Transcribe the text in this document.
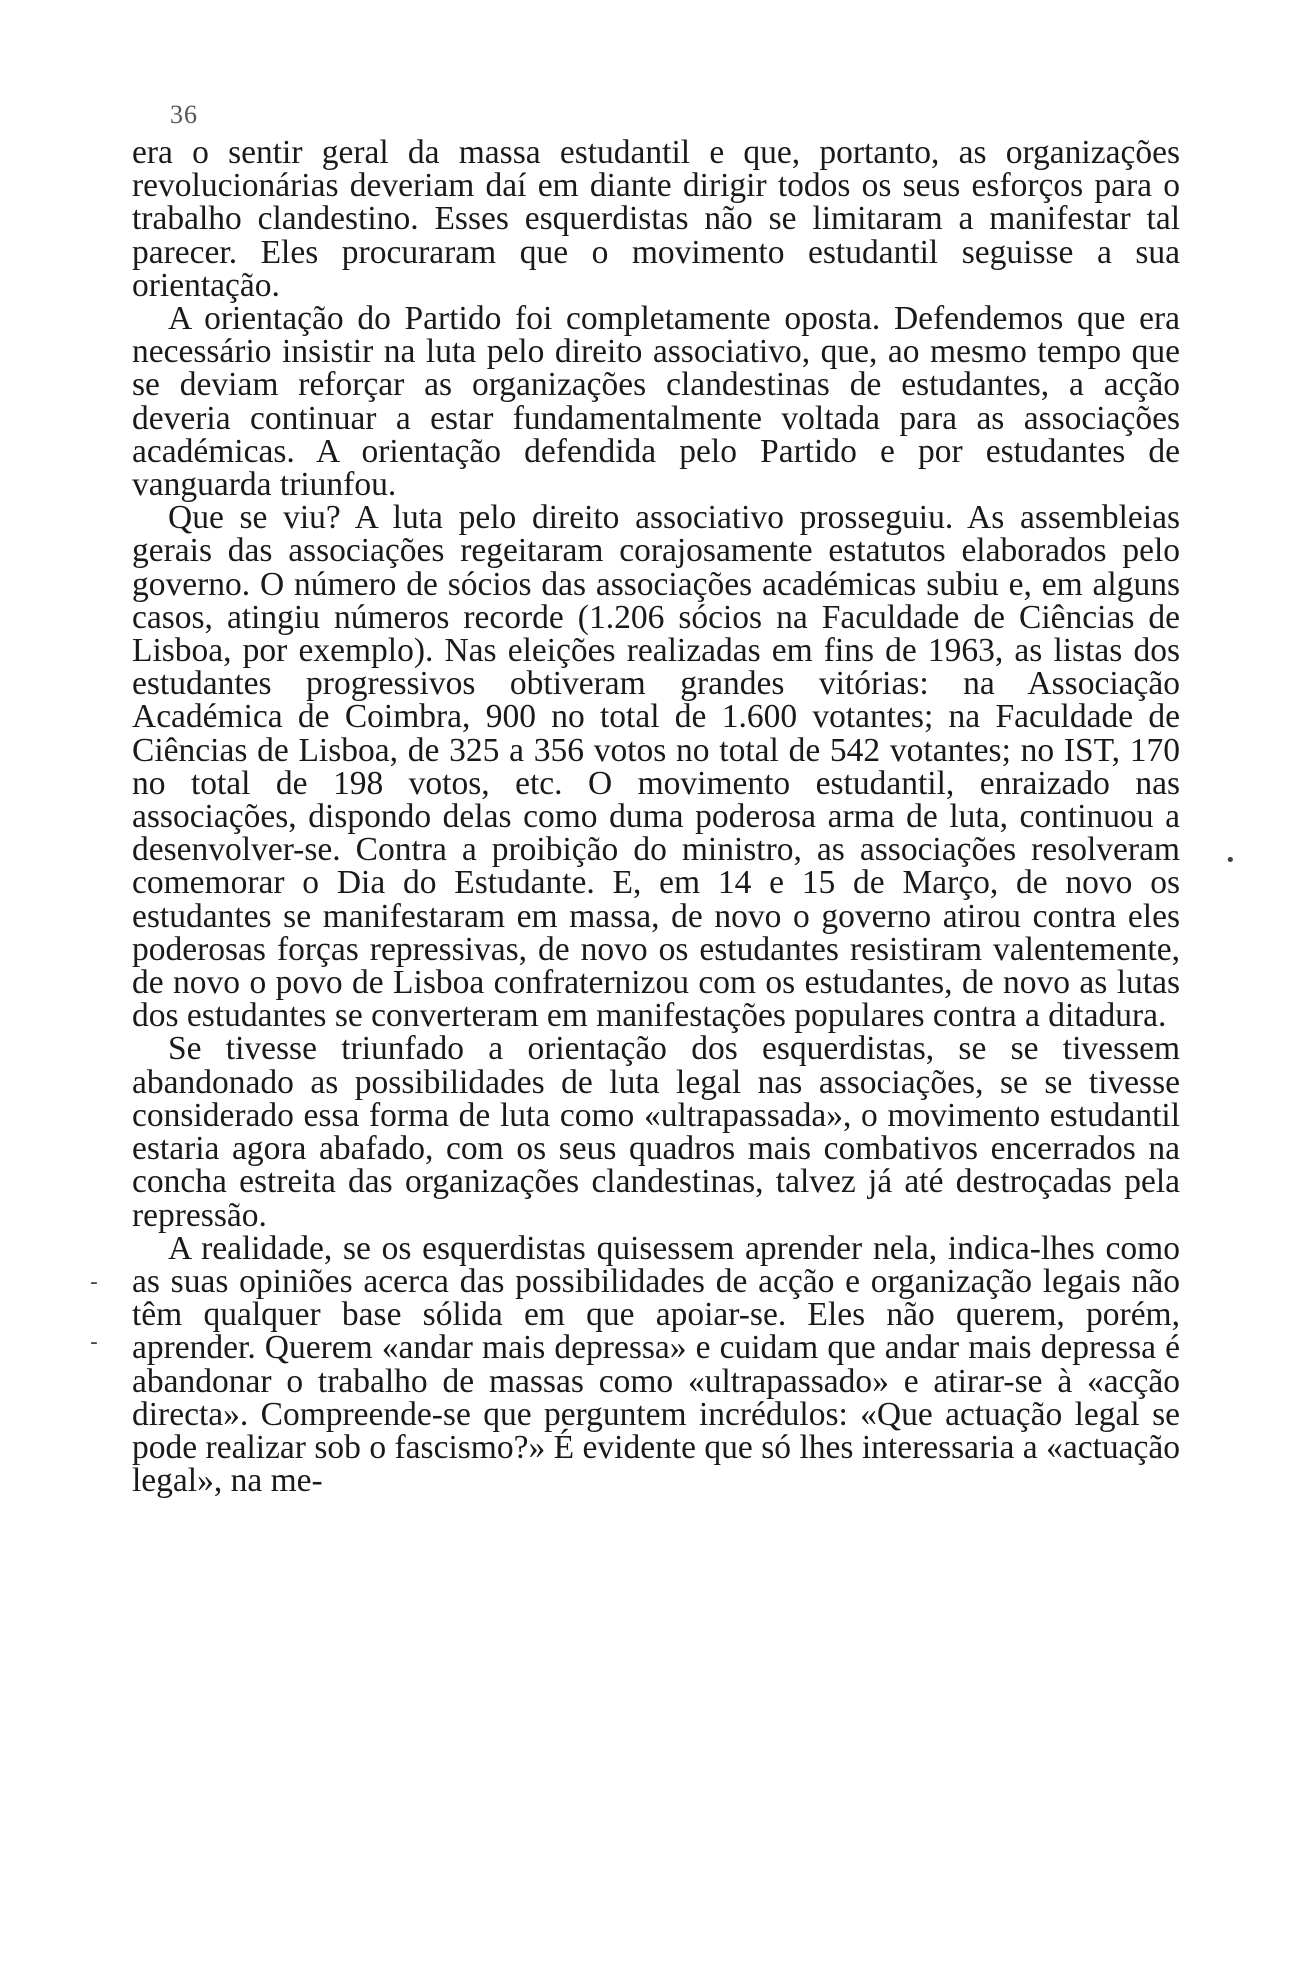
36

era o sentir geral da massa estudantil e que, portanto, as organizações revolucionárias deveriam daí em diante dirigir todos os seus esforços para o trabalho clandestino. Esses esquerdistas não se limitaram a manifestar tal parecer. Eles procuraram que o movimento estudantil seguisse a sua orientação.

A orientação do Partido foi completamente oposta. Defendemos que era necessário insistir na luta pelo direito associativo, que, ao mesmo tempo que se deviam reforçar as organizações clandestinas de estudantes, a acção deveria continuar a estar fundamentalmente voltada para as associações académicas. A orientação defendida pelo Partido e por estudantes de vanguarda triunfou.

Que se viu? A luta pelo direito associativo prosseguiu. As assembleias gerais das associações regeitaram corajosamente estatutos elaborados pelo governo. O número de sócios das associações académicas subiu e, em alguns casos, atingiu números recorde (1.206 sócios na Faculdade de Ciências de Lisboa, por exemplo). Nas eleições realizadas em fins de 1963, as listas dos estudantes progressivos obtiveram grandes vitórias: na Associação Académica de Coimbra, 900 no total de 1.600 votantes; na Faculdade de Ciências de Lisboa, de 325 a 356 votos no total de 542 votantes; no IST, 170 no total de 198 votos, etc. O movimento estudantil, enraizado nas associações, dispondo delas como duma poderosa arma de luta, continuou a desenvolver-se. Contra a proibição do ministro, as associações resolveram comemorar o Dia do Estudante. E, em 14 e 15 de Março, de novo os estudantes se manifestaram em massa, de novo o governo atirou contra eles poderosas forças repressivas, de novo os estudantes resistiram valentemente, de novo o povo de Lisboa confraternizou com os estudantes, de novo as lutas dos estudantes se converteram em manifestações populares contra a ditadura.

Se tivesse triunfado a orientação dos esquerdistas, se se tivessem abandonado as possibilidades de luta legal nas associações, se se tivesse considerado essa forma de luta como «ultrapassada», o movimento estudantil estaria agora abafado, com os seus quadros mais combativos encerrados na concha estreita das organizações clandestinas, talvez já até destroçadas pela repressão.

A realidade, se os esquerdistas quisessem aprender nela, indica-lhes como as suas opiniões acerca das possibilidades de acção e organização legais não têm qualquer base sólida em que apoiar-se. Eles não querem, porém, aprender. Querem «andar mais depressa» e cuidam que andar mais depressa é abandonar o trabalho de massas como «ultrapassado» e atirar-se à «acção directa». Compreende-se que perguntem incrédulos: «Que actuação legal se pode realizar sob o fascismo?» É evidente que só lhes interessaria a «actuação legal», na me-

•
-
-
